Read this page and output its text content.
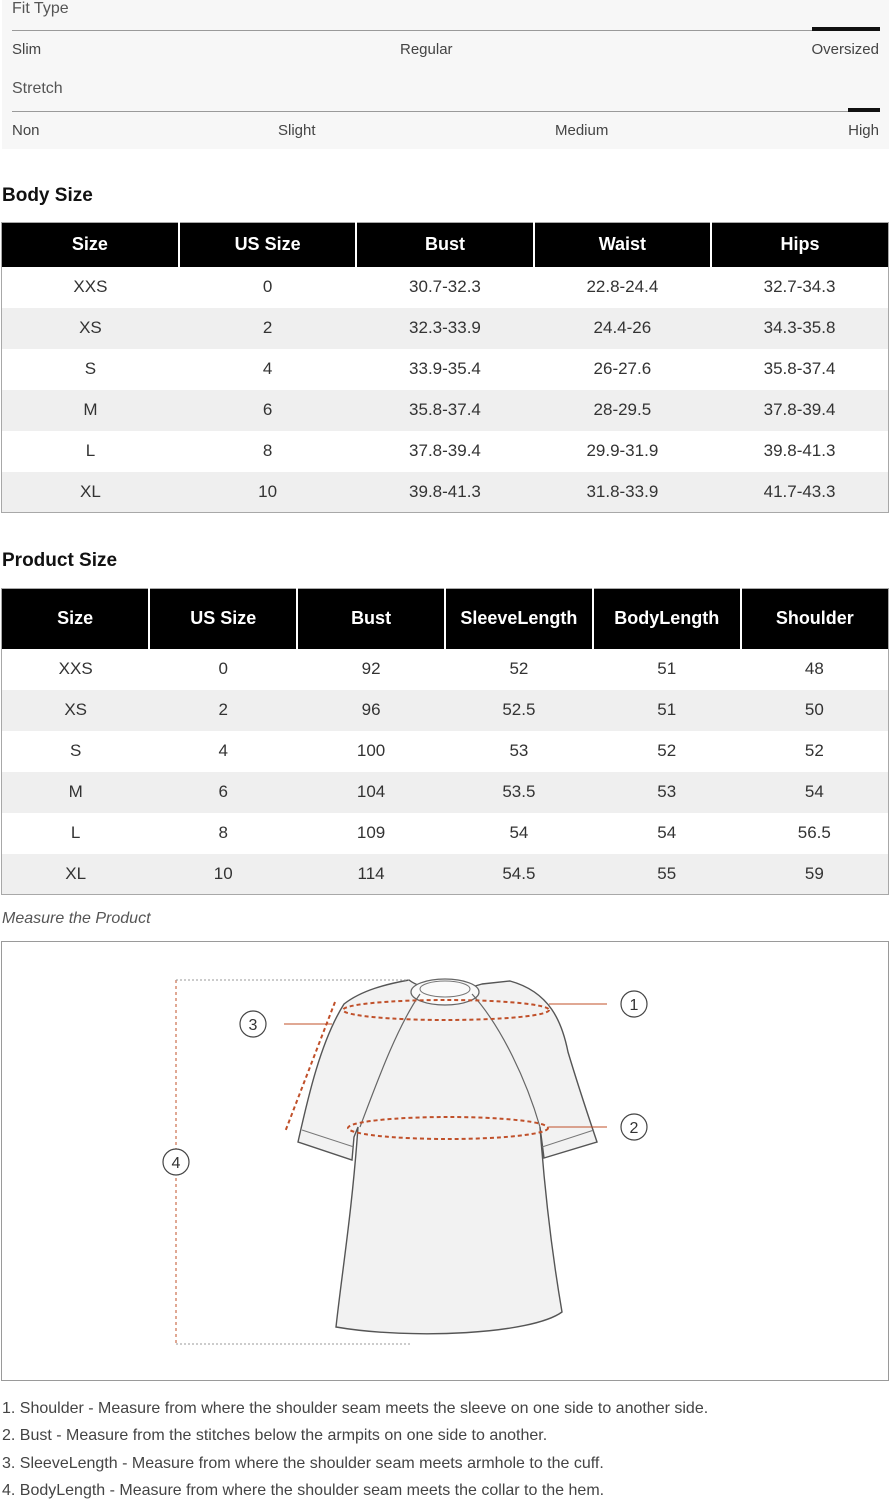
Fit Type
Slim	Regular	Oversized
Stretch
Non	Slight	Medium	High
Body Size
Size	US Size	Bust	Waist	Hips
XXS	0	30.7-32.3	22.8-24.4	32.7-34.3
XS	2	32.3-33.9	24.4-26	34.3-35.8
S	4	33.9-35.4	26-27.6	35.8-37.4
M	6	35.8-37.4	28-29.5	37.8-39.4
L	8	37.8-39.4	29.9-31.9	39.8-41.3
XL	10	39.8-41.3	31.8-33.9	41.7-43.3
Product Size
Size	US Size	Bust	SleeveLength	BodyLength	Shoulder
XXS	0	92	52	51	48
XS	2	96	52.5	51	50
S	4	100	53	52	52
M	6	104	53.5	53	54
L	8	109	54	54	56.5
XL	10	114	54.5	55	59
Measure the Product
1
2
3
4
1. Shoulder - Measure from where the shoulder seam meets the sleeve on one side to another side.
2. Bust - Measure from the stitches below the armpits on one side to another.
3. SleeveLength - Measure from where the shoulder seam meets armhole to the cuff.
4. BodyLength - Measure from where the shoulder seam meets the collar to the hem.
